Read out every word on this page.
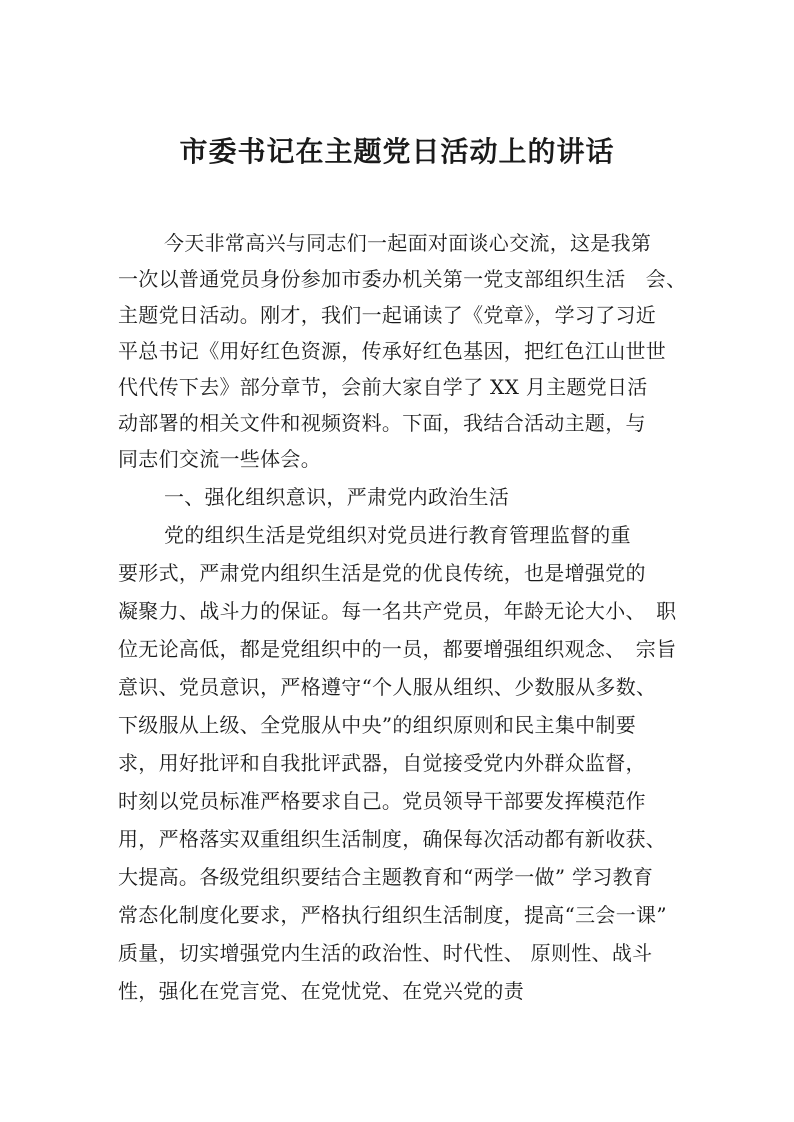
市委书记在主题党日活动上的讲话
今天非常高兴与同志们一起面对面谈心交流，这是我第
一次以普通党员身份参加市委办机关第一党支部组织生活　会、
主题党日活动。刚才，我们一起诵读了《党章》，学习了习近
平总书记《用好红色资源，传承好红色基因，把红色江山世世
代代传下去》部分章节，会前大家自学了 XX 月主题党日活
动部署的相关文件和视频资料。下面，我结合活动主题，与
同志们交流一些体会。
一、强化组织意识，严肃党内政治生活
党的组织生活是党组织对党员进行教育管理监督的重
要形式，严肃党内组织生活是党的优良传统，也是增强党的
凝聚力、战斗力的保证。每一名共产党员，年龄无论大小、　职
位无论高低，都是党组织中的一员，都要增强组织观念、　宗旨
意识、党员意识，严格遵守“个人服从组织、少数服从多数、
下级服从上级、全党服从中央”的组织原则和民主集中制要
求，用好批评和自我批评武器，自觉接受党内外群众监督，
时刻以党员标准严格要求自己。党员领导干部要发挥模范作
用，严格落实双重组织生活制度，确保每次活动都有新收获、
大提高。各级党组织要结合主题教育和“两学一做” 学习教育
常态化制度化要求，严格执行组织生活制度，提高“三会一课”
质量，切实增强党内生活的政治性、时代性、 原则性、战斗
性，强化在党言党、在党忧党、在党兴党的责
